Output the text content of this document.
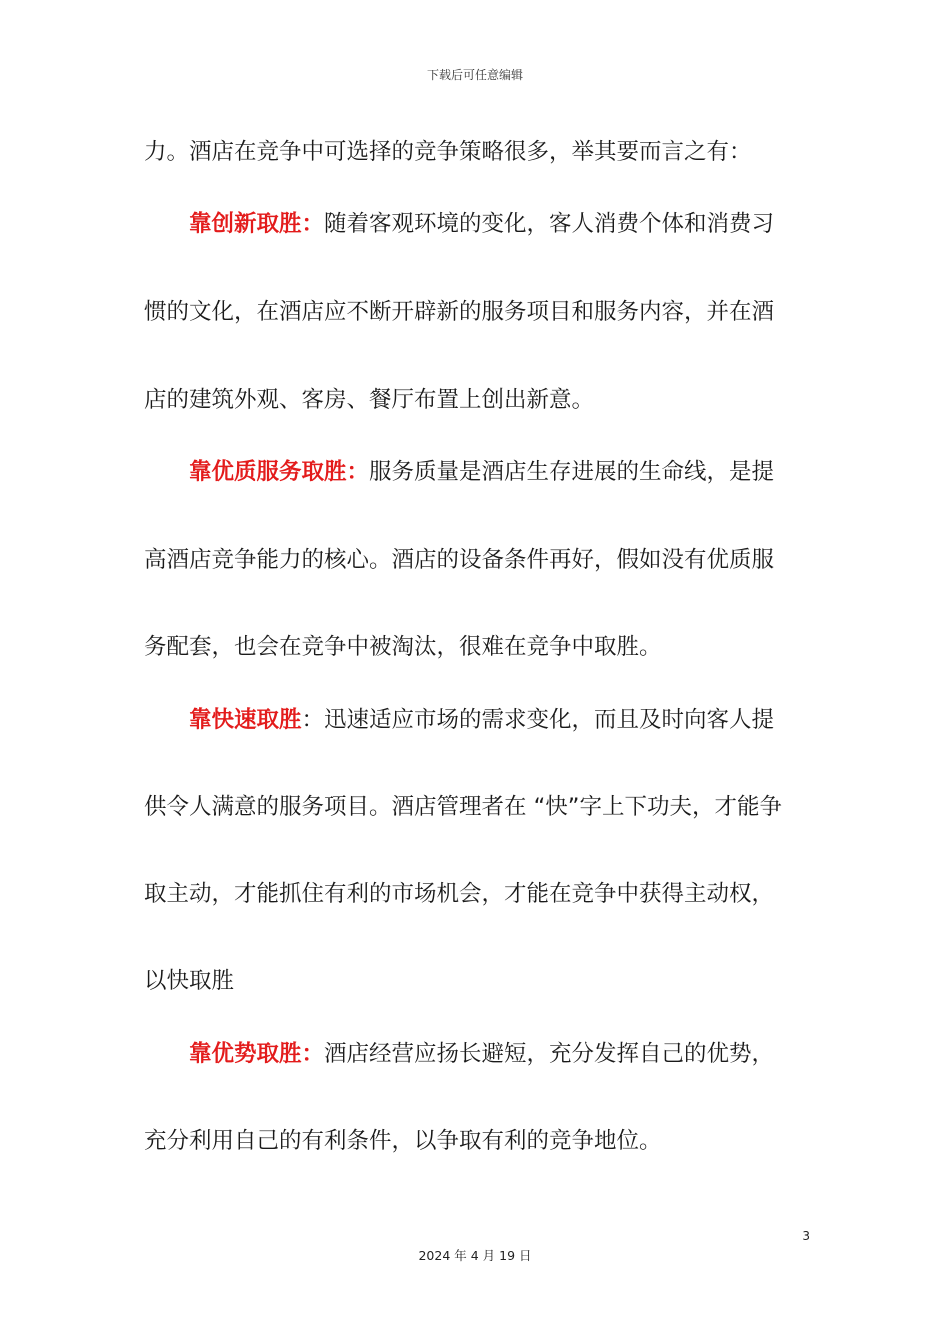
下载后可任意编辑
力。酒店在竞争中可选择的竞争策略很多，举其要而言之有：
靠创新取胜：随着客观环境的变化，客人消费个体和消费习
惯的文化，在酒店应不断开辟新的服务项目和服务内容，并在酒
店的建筑外观、客房、餐厅布置上创出新意。
靠优质服务取胜：服务质量是酒店生存进展的生命线，是提
高酒店竞争能力的核心。酒店的设备条件再好，假如没有优质服
务配套，也会在竞争中被淘汰，很难在竞争中取胜。
靠快速取胜：迅速适应市场的需求变化，而且及时向客人提
供令人满意的服务项目。酒店管理者在 “快”字上下功夫，才能争
取主动，才能抓住有利的市场机会，才能在竞争中获得主动权，
以快取胜
靠优势取胜：酒店经营应扬长避短，充分发挥自己的优势，
充分利用自己的有利条件，以争取有利的竞争地位。
3
2024 年 4 月 19 日
